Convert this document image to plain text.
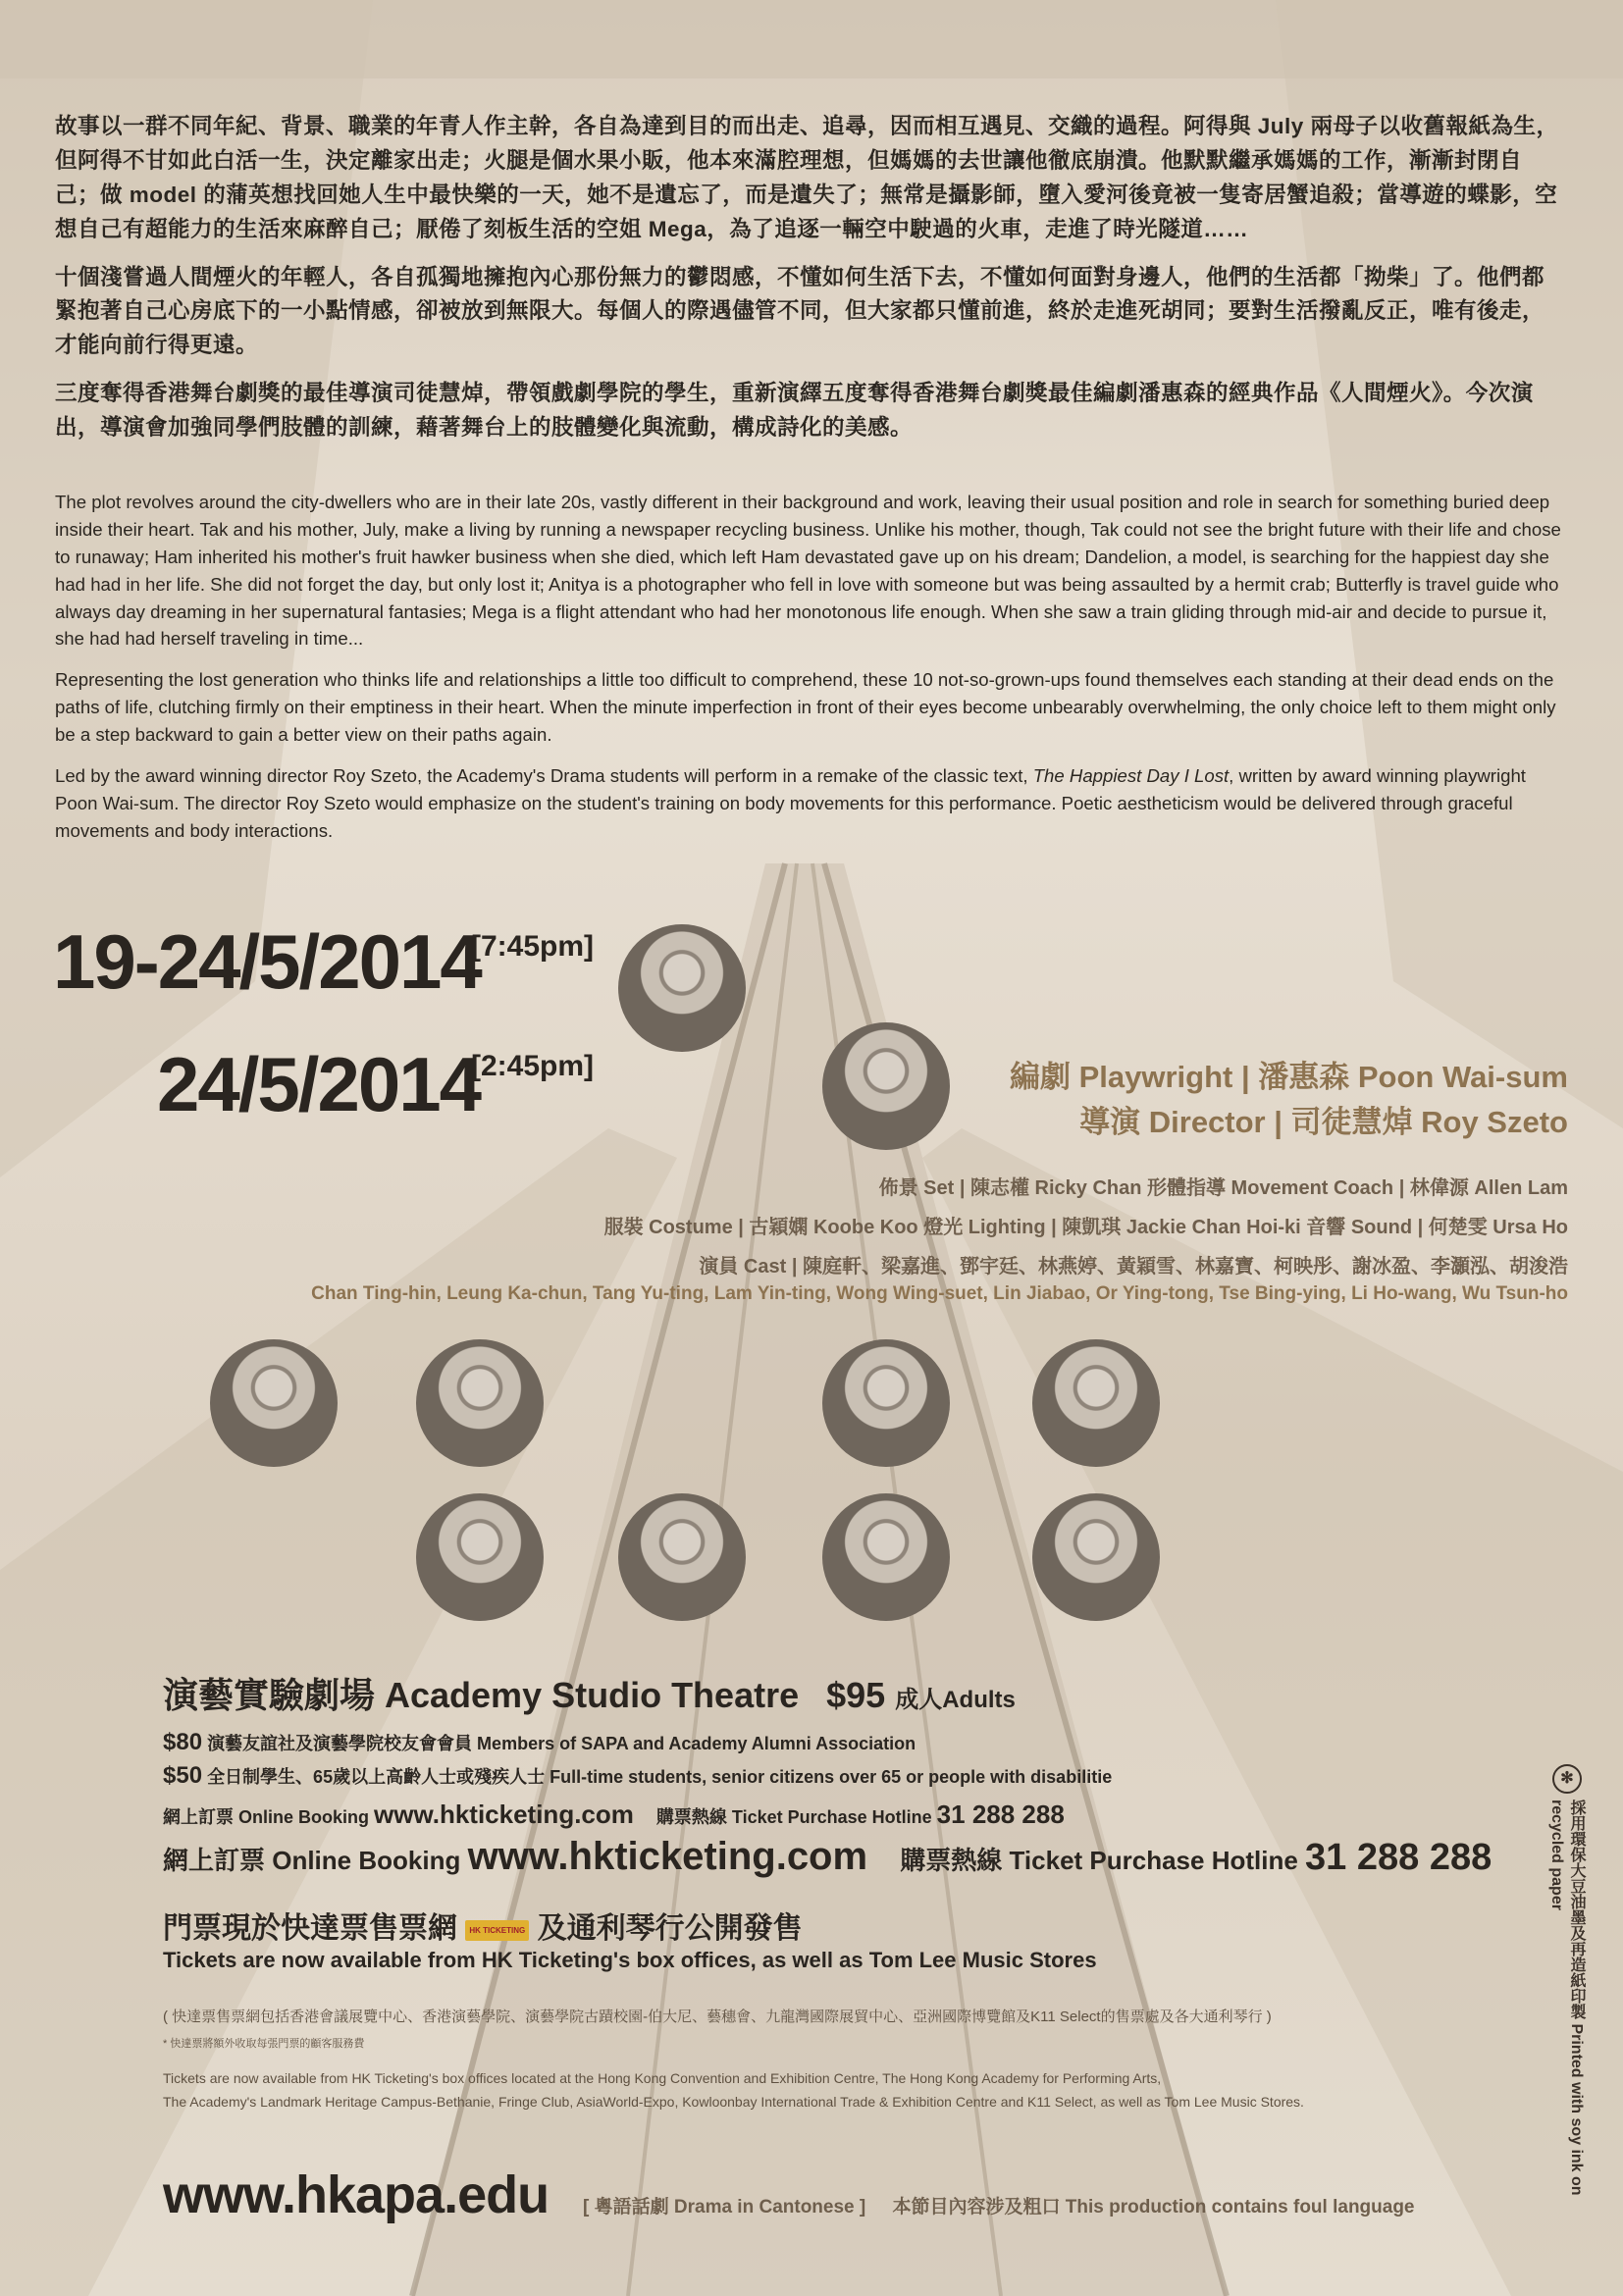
故事以一群不同年紀、背景、職業的年青人作主幹，各自為達到目的而出走、追尋，因而相互遇見、交織的過程。阿得與 July 兩母子以收舊報紙為生，但阿得不甘如此白活一生，決定離家出走；火腿是個水果小販，他本來滿腔理想，但媽媽的去世讓他徹底崩潰。他默默繼承媽媽的工作，漸漸封閉自己；做 model 的蒲英想找回她人生中最快樂的一天，她不是遺忘了，而是遺失了；無常是攝影師，墮入愛河後竟被一隻寄居蟹追殺；當導遊的蝶影，空想自己有超能力的生活來麻醉自己；厭倦了刻板生活的空姐 Mega，為了追逐一輛空中駛過的火車，走進了時光隧道……

十個淺嘗過人間煙火的年輕人，各自孤獨地擁抱內心那份無力的鬱悶感，不懂如何生活下去，不懂如何面對身邊人，他們的生活都「拗柴」了。他們都緊抱著自己心房底下的一小點情感，卻被放到無限大。每個人的際遇儘管不同，但大家都只懂前進，終於走進死胡同；要對生活撥亂反正，唯有後走，才能向前行得更遠。

三度奪得香港舞台劇獎的最佳導演司徒慧焯，帶領戲劇學院的學生，重新演繹五度奪得香港舞台劇獎最佳編劇潘惠森的經典作品《人間煙火》。今次演出，導演會加強同學們肢體的訓練，藉著舞台上的肢體變化與流動，構成詩化的美感。

The plot revolves around the city-dwellers who are in their late 20s, vastly different in their background and work, leaving their usual position and role in search for something buried deep inside their heart. Tak and his mother, July, make a living by running a newspaper recycling business. Unlike his mother, though, Tak could not see the bright future with their life and chose to runaway; Ham inherited his mother's fruit hawker business when she died, which left Ham devastated gave up on his dream; Dandelion, a model, is searching for the happiest day she had had in her life. She did not forget the day, but only lost it; Anitya is a photographer who fell in love with someone but was being assaulted by a hermit crab; Butterfly is travel guide who always day dreaming in her supernatural fantasies; Mega is a flight attendant who had her monotonous life enough. When she saw a train gliding through mid-air and decide to pursue it, she had had herself traveling in time...

Representing the lost generation who thinks life and relationships a little too difficult to comprehend, these 10 not-so-grown-ups found themselves each standing at their dead ends on the paths of life, clutching firmly on their emptiness in their heart. When the minute imperfection in front of their eyes become unbearably overwhelming, the only choice left to them might only be a step backward to gain a better view on their paths again.

Led by the award winning director Roy Szeto, the Academy's Drama students will perform in a remake of the classic text, The Happiest Day I Lost, written by award winning playwright Poon Wai-sum. The director Roy Szeto would emphasize on the student's training on body movements for this performance. Poetic aestheticism would be delivered through graceful movements and body interactions.

19-24/5/2014
[7:45pm]
24/5/2014
[2:45pm]	編劇 Playwright | 潘惠森 Poon Wai-sum
導演 Director | 司徒慧焯 Roy Szeto
佈景 Set | 陳志權 Ricky Chan 形體指導 Movement Coach | 林偉源 Allen Lam
服裝 Costume | 古穎嫻 Koobe Koo 燈光 Lighting | 陳凱琪 Jackie Chan Hoi-ki 音響 Sound | 何楚雯 Ursa Ho
演員 Cast | 陳庭軒、梁嘉進、鄧宇廷、林燕婷、黃穎雪、林嘉寶、柯映彤、謝冰盈、李灝泓、胡浚浩
Chan Ting-hin, Leung Ka-chun, Tang Yu-ting, Lam Yin-ting, Wong Wing-suet, Lin Jiabao, Or Ying-tong, Tse Bing-ying, Li Ho-wang, Wu Tsun-ho
演藝實驗劇場 Academy Studio Theatre $95 成人Adults
$80 演藝友誼社及演藝學院校友會會員 Members of SAPA and Academy Alumni Association
$50 全日制學生、65歲以上高齡人士或殘疾人士 Full-time students, senior citizens over 65 or people with disabilitie
網上訂票 Online Booking www.hkticketing.com 購票熱線 Ticket Purchase Hotline 31 288 288
網上訂票 Online Booking www.hkticketing.com 購票熱線 Ticket Purchase Hotline 31 288 288
門票現於快達票售票網 HK TICKETING 及通利琴行公開發售
Tickets are now available from HK Ticketing's box offices, as well as Tom Lee Music Stores
( 快達票售票網包括香港會議展覽中心、香港演藝學院、演藝學院古蹟校園-伯大尼、藝穗會、九龍灣國際展貿中心、亞洲國際博覽館及K11 Select的售票處及各大通利琴行 )
* 快達票將額外收取每張門票的顧客服務費
Tickets are now available from HK Ticketing's box offices located at the Hong Kong Convention and Exhibition Centre, The Hong Kong Academy for Performing Arts,
The Academy's Landmark Heritage Campus-Bethanie, Fringe Club, AsiaWorld-Expo, Kowloonbay International Trade & Exhibition Centre and K11 Select, as well as Tom Lee Music Stores.
www.hkapa.edu [ 粵語話劇 Drama in Cantonese ] 本節目內容涉及粗口 This production contains foul language
✻
採用環保大豆油墨及再造紙印製 Printed with soy ink on recycled paper
